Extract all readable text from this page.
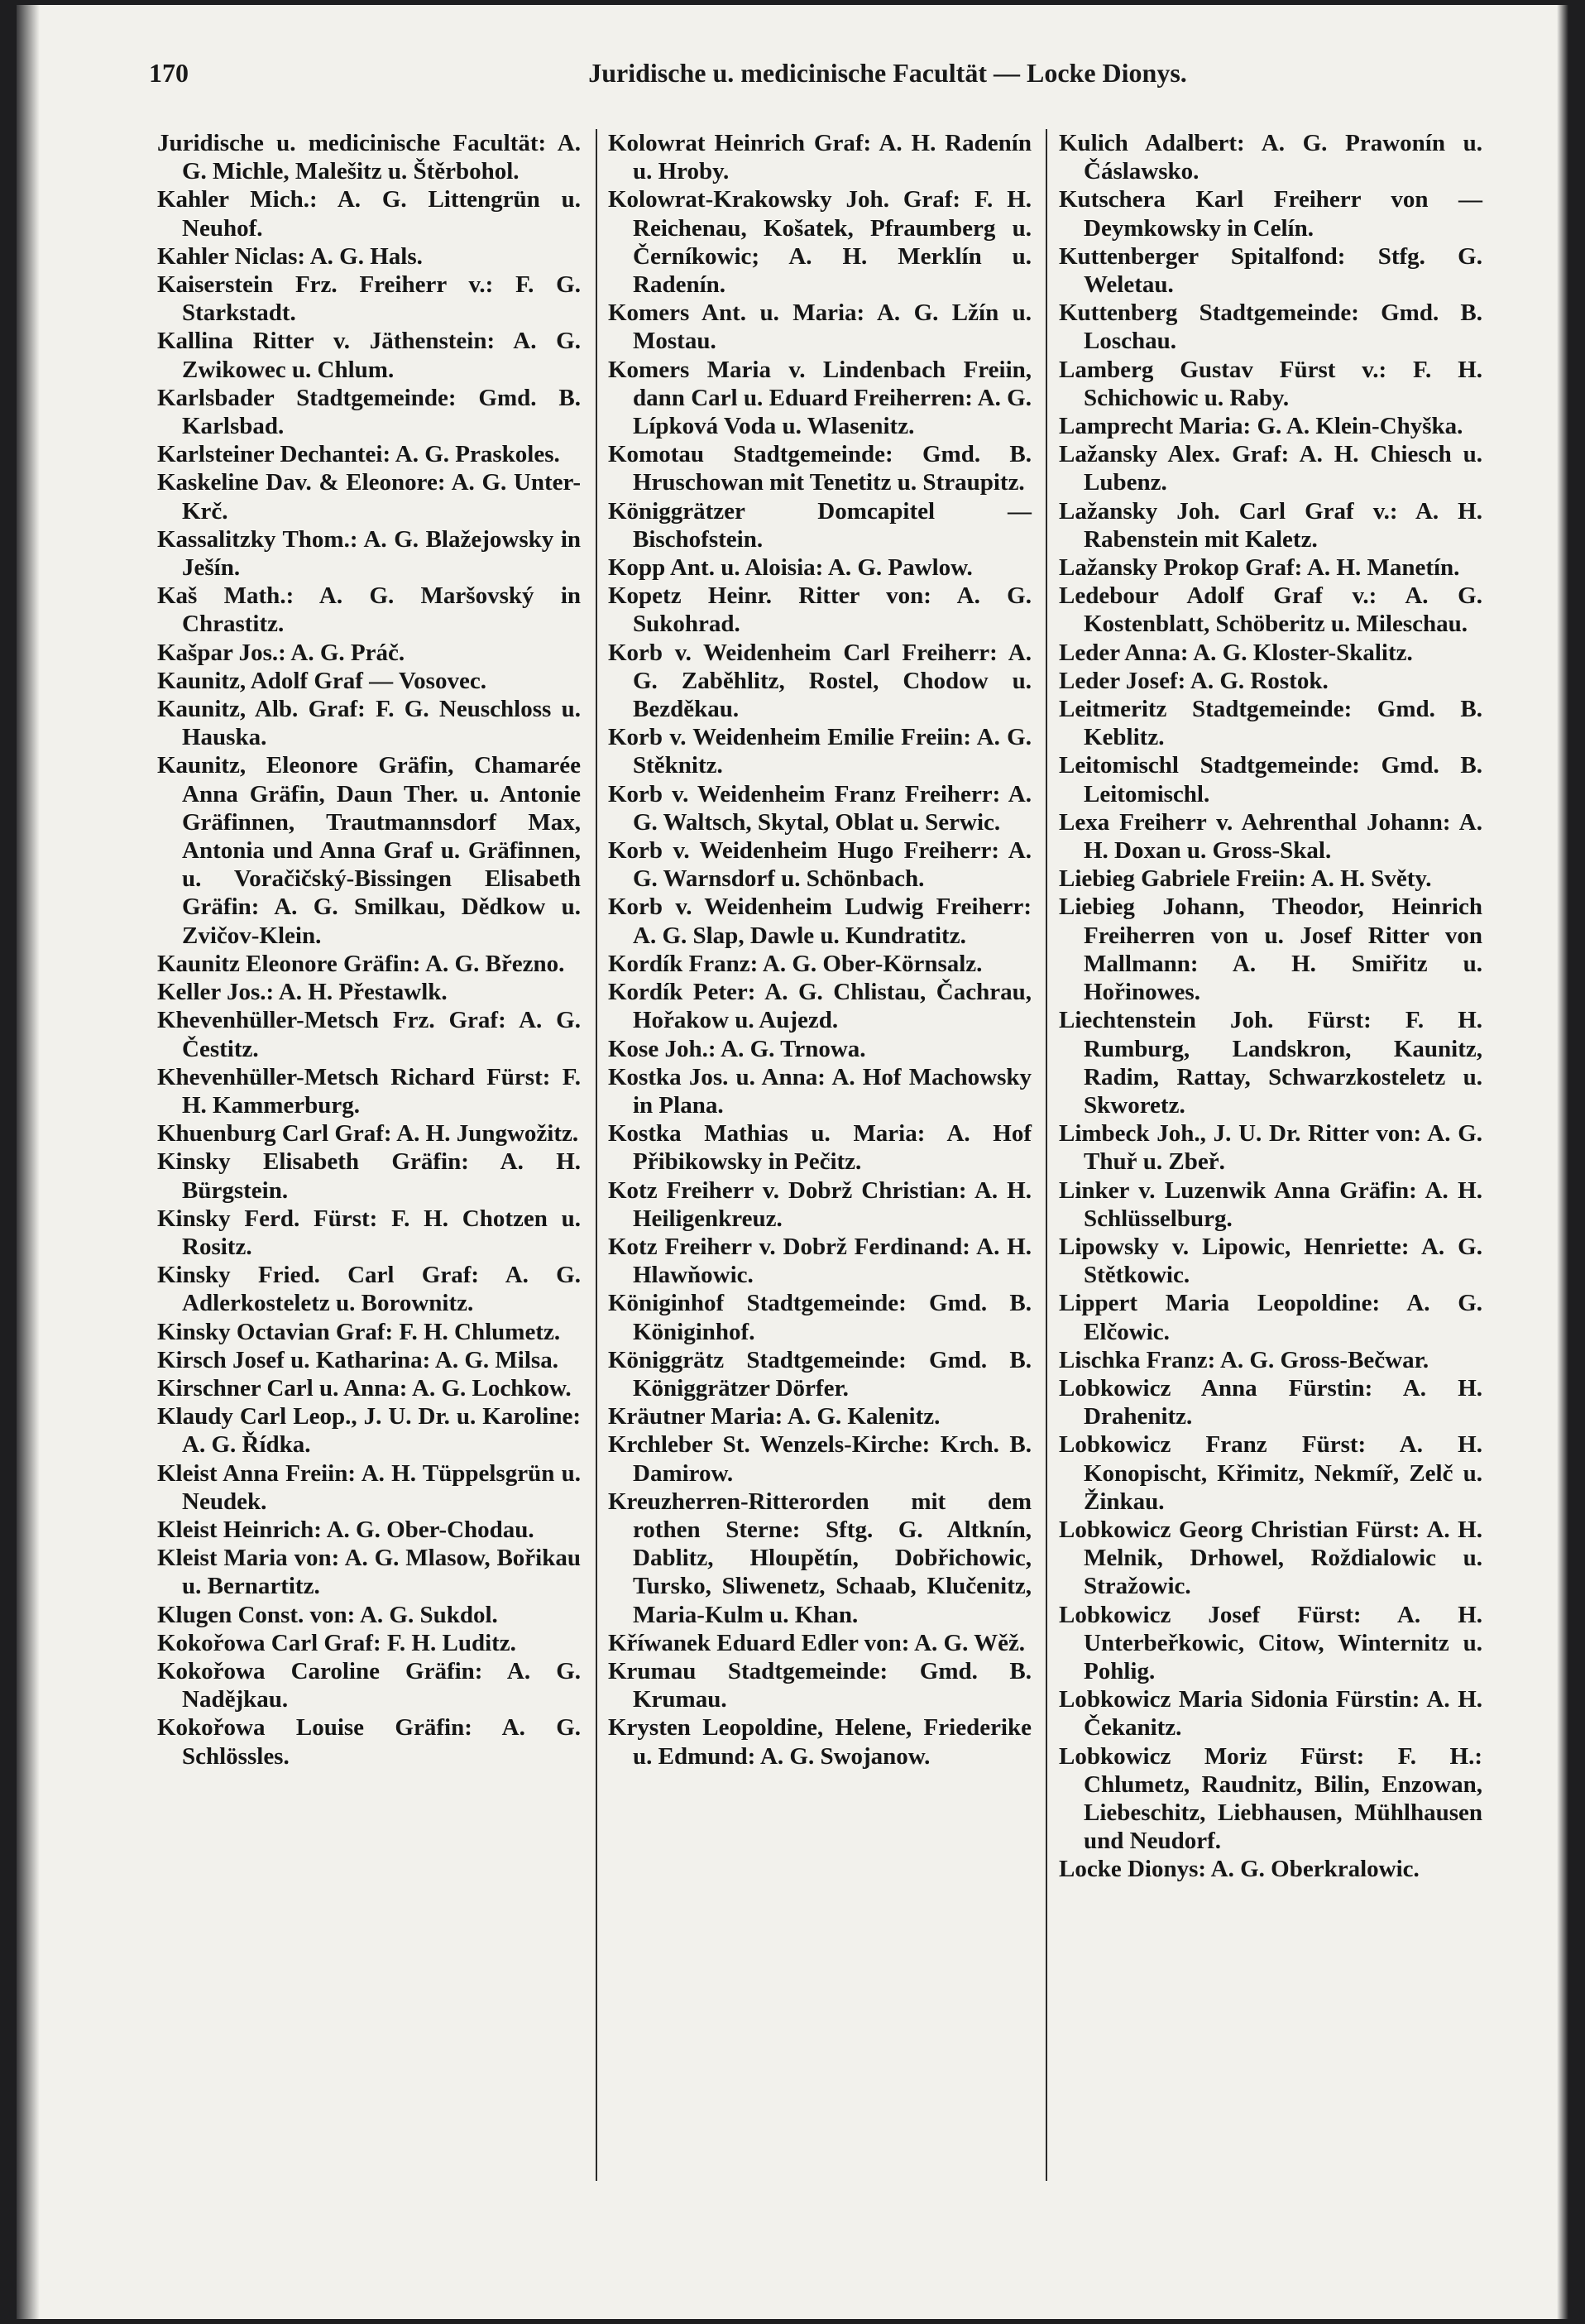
170	Juridische u. medicinische Facultät — Locke Dionys.
Juridische u. medicinische Facultät: A. G. Michle, Malešitz u. Štěrbohol.
Kahler Mich.: A. G. Littengrün u. Neuhof.
Kahler Niclas: A. G. Hals.
Kaiserstein Frz. Freiherr v.: F. G. Starkstadt.
Kallina Ritter v. Jäthenstein: A. G. Zwikowec u. Chlum.
Karlsbader Stadtgemeinde: Gmd. B. Karlsbad.
Karlsteiner Dechantei: A. G. Praskoles.
Kaskeline Dav. & Eleonore: A. G. Unter-Krč.
Kassalitzky Thom.: A. G. Blažejowsky in Ješín.
Kaš Math.: A. G. Maršovský in Chrastitz.
Kašpar Jos.: A. G. Práč.
Kaunitz, Adolf Graf — Vosovec.
Kaunitz, Alb. Graf: F. G. Neuschloss u. Hauska.
Kaunitz, Eleonore Gräfin, Chamarée Anna Gräfin, Daun Ther. u. Antonie Gräfinnen, Trautmannsdorf Max, Antonia und Anna Graf u. Gräfinnen, u. Voračičský-Bissingen Elisabeth Gräfin: A. G. Smilkau, Dědkow u. Zvičov-Klein.
Kaunitz Eleonore Gräfin: A. G. Březno.
Keller Jos.: A. H. Přestawlk.
Khevenhüller-Metsch Frz. Graf: A. G. Čestitz.
Khevenhüller-Metsch Richard Fürst: F. H. Kammerburg.
Khuenburg Carl Graf: A. H. Jungwožitz.
Kinsky Elisabeth Gräfin: A. H. Bürgstein.
Kinsky Ferd. Fürst: F. H. Chotzen u. Rositz.
Kinsky Fried. Carl Graf: A. G. Adlerkosteletz u. Borownitz.
Kinsky Octavian Graf: F. H. Chlumetz.
Kirsch Josef u. Katharina: A. G. Milsa.
Kirschner Carl u. Anna: A. G. Lochkow.
Klaudy Carl Leop., J. U. Dr. u. Karoline: A. G. Řídka.
Kleist Anna Freiin: A. H. Tüppelsgrün u. Neudek.
Kleist Heinrich: A. G. Ober-Chodau.
Kleist Maria von: A. G. Mlasow, Bořikau u. Bernartitz.
Klugen Const. von: A. G. Sukdol.
Kokořowa Carl Graf: F. H. Luditz.
Kokořowa Caroline Gräfin: A. G. Nadějkau.
Kokořowa Louise Gräfin: A. G. Schlössles.
Kolowrat Heinrich Graf: A. H. Radenín u. Hroby.
Kolowrat-Krakowsky Joh. Graf: F. H. Reichenau, Košatek, Pfraumberg u. Černíkowic; A. H. Merklín u. Radenín.
Komers Ant. u. Maria: A. G. Lžín u. Mostau.
Komers Maria v. Lindenbach Freiin, dann Carl u. Eduard Freiherren: A. G. Lípková Voda u. Wlasenitz.
Komotau Stadtgemeinde: Gmd. B. Hruschowan mit Tenetitz u. Straupitz.
Königgrätzer Domcapitel — Bischofstein.
Kopp Ant. u. Aloisia: A. G. Pawlow.
Kopetz Heinr. Ritter von: A. G. Sukohrad.
Korb v. Weidenheim Carl Freiherr: A. G. Zaběhlitz, Rostel, Chodow u. Bezděkau.
Korb v. Weidenheim Emilie Freiin: A. G. Stěknitz.
Korb v. Weidenheim Franz Freiherr: A. G. Waltsch, Skytal, Oblat u. Serwic.
Korb v. Weidenheim Hugo Freiherr: A. G. Warnsdorf u. Schönbach.
Korb v. Weidenheim Ludwig Freiherr: A. G. Slap, Dawle u. Kundratitz.
Kordík Franz: A. G. Ober-Körnsalz.
Kordík Peter: A. G. Chlistau, Čachrau, Hořakow u. Aujezd.
Kose Joh.: A. G. Trnowa.
Kostka Jos. u. Anna: A. Hof Machowsky in Plana.
Kostka Mathias u. Maria: A. Hof Přibikowsky in Pečitz.
Kotz Freiherr v. Dobrž Christian: A. H. Heiligenkreuz.
Kotz Freiherr v. Dobrž Ferdinand: A. H. Hlawňowic.
Königinhof Stadtgemeinde: Gmd. B. Königinhof.
Königgrätz Stadtgemeinde: Gmd. B. Königgrätzer Dörfer.
Kräutner Maria: A. G. Kalenitz.
Krchleber St. Wenzels-Kirche: Krch. B. Damirow.
Kreuzherren-Ritterorden mit dem rothen Sterne: Sftg. G. Altknín, Dablitz, Hloupětín, Dobřichowic, Tursko, Sliwenetz, Schaab, Klučenitz, Maria-Kulm u. Khan.
Kříwanek Eduard Edler von: A. G. Wěž.
Krumau Stadtgemeinde: Gmd. B. Krumau.
Krysten Leopoldine, Helene, Friederike u. Edmund: A. G. Swojanow.
Kulich Adalbert: A. G. Prawonín u. Čáslawsko.
Kutschera Karl Freiherr von — Deymkowsky in Celín.
Kuttenberger Spitalfond: Stfg. G. Weletau.
Kuttenberg Stadtgemeinde: Gmd. B. Loschau.
Lamberg Gustav Fürst v.: F. H. Schichowic u. Raby.
Lamprecht Maria: G. A. Klein-Chyška.
Lažansky Alex. Graf: A. H. Chiesch u. Lubenz.
Lažansky Joh. Carl Graf v.: A. H. Rabenstein mit Kaletz.
Lažansky Prokop Graf: A. H. Manetín.
Ledebour Adolf Graf v.: A. G. Kostenblatt, Schöberitz u. Mileschau.
Leder Anna: A. G. Kloster-Skalitz.
Leder Josef: A. G. Rostok.
Leitmeritz Stadtgemeinde: Gmd. B. Keblitz.
Leitomischl Stadtgemeinde: Gmd. B. Leitomischl.
Lexa Freiherr v. Aehrenthal Johann: A. H. Doxan u. Gross-Skal.
Liebieg Gabriele Freiin: A. H. Světy.
Liebieg Johann, Theodor, Heinrich Freiherren von u. Josef Ritter von Mallmann: A. H. Smiřitz u. Hořinowes.
Liechtenstein Joh. Fürst: F. H. Rumburg, Landskron, Kaunitz, Radim, Rattay, Schwarzkosteletz u. Skworetz.
Limbeck Joh., J. U. Dr. Ritter von: A. G. Thuř u. Zbeř.
Linker v. Luzenwik Anna Gräfin: A. H. Schlüsselburg.
Lipowsky v. Lipowic, Henriette: A. G. Stětkowic.
Lippert Maria Leopoldine: A. G. Elčowic.
Lischka Franz: A. G. Gross-Bečwar.
Lobkowicz Anna Fürstin: A. H. Drahenitz.
Lobkowicz Franz Fürst: A. H. Konopischt, Křimitz, Nekmíř, Zelč u. Žinkau.
Lobkowicz Georg Christian Fürst: A. H. Melnik, Drhowel, Roždialowic u. Stražowic.
Lobkowicz Josef Fürst: A. H. Unterbeřkowic, Citow, Winternitz u. Pohlig.
Lobkowicz Maria Sidonia Fürstin: A. H. Čekanitz.
Lobkowicz Moriz Fürst: F. H.: Chlumetz, Raudnitz, Bilin, Enzowan, Liebeschitz, Liebhausen, Mühlhausen und Neudorf.
Locke Dionys: A. G. Oberkralowic.
